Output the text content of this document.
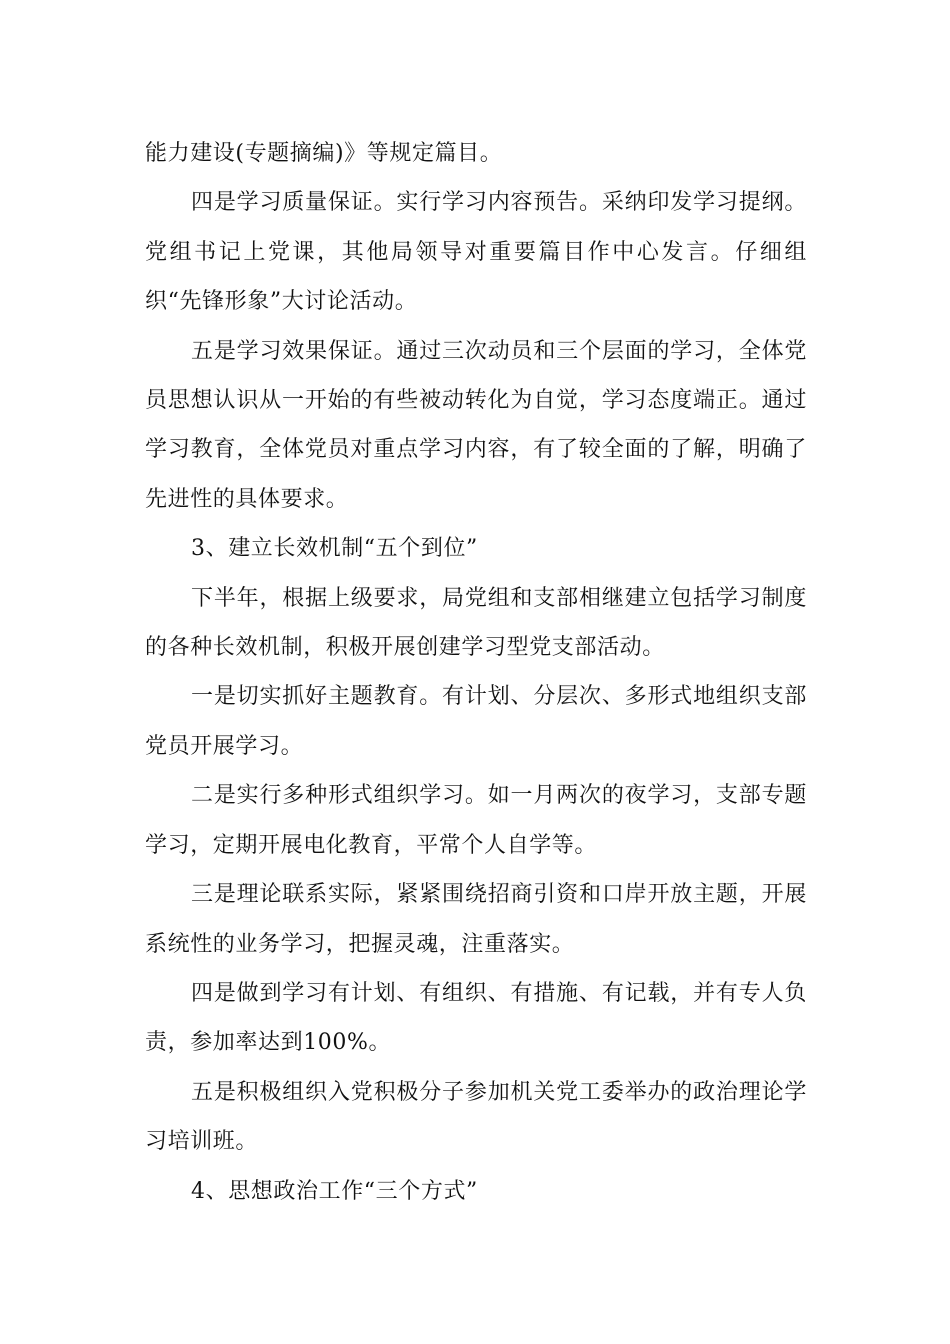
能力建设(专题摘编)》等规定篇目。

四是学习质量保证。实行学习内容预告。采纳印发学习提纲。党组书记上党课，其他局领导对重要篇目作中心发言。仔细组织“先锋形象”大讨论活动。

五是学习效果保证。通过三次动员和三个层面的学习，全体党员思想认识从一开始的有些被动转化为自觉，学习态度端正。通过学习教育，全体党员对重点学习内容，有了较全面的了解，明确了先进性的具体要求。

3、建立长效机制“五个到位”

下半年，根据上级要求，局党组和支部相继建立包括学习制度的各种长效机制，积极开展创建学习型党支部活动。

一是切实抓好主题教育。有计划、分层次、多形式地组织支部党员开展学习。

二是实行多种形式组织学习。如一月两次的夜学习，支部专题学习，定期开展电化教育，平常个人自学等。

三是理论联系实际，紧紧围绕招商引资和口岸开放主题，开展系统性的业务学习，把握灵魂，注重落实。

四是做到学习有计划、有组织、有措施、有记载，并有专人负责，参加率达到100%。

五是积极组织入党积极分子参加机关党工委举办的政治理论学习培训班。

4、思想政治工作“三个方式”
